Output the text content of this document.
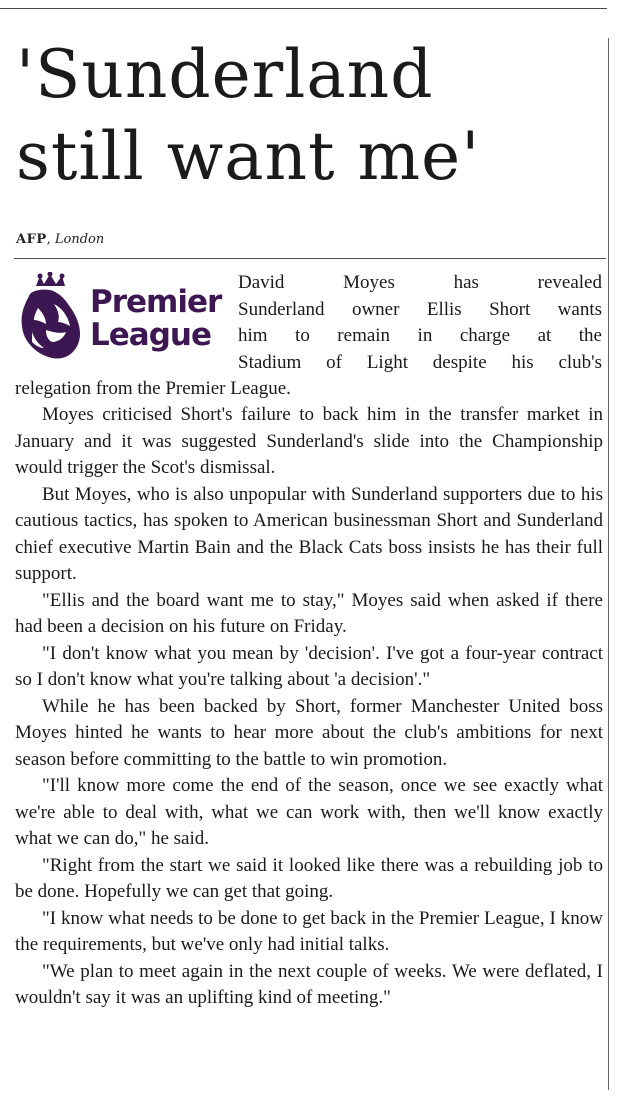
'Sunderland
still want me'
AFP, London
Premier
League
David Moyes has revealed
Sunderland owner Ellis Short wants
him to remain in charge at the
Stadium of Light despite his club's

relegation from the Premier League.

Moyes criticised Short's failure to back him in the transfer market in January and it was suggested Sunderland's slide into the Championship would trigger the Scot's dismissal.

But Moyes, who is also unpopular with Sunderland supporters due to his cautious tactics, has spoken to American businessman Short and Sunderland chief executive Martin Bain and the Black Cats boss insists he has their full support.

"Ellis and the board want me to stay," Moyes said when asked if there had been a decision on his future on Friday.

"I don't know what you mean by 'decision'. I've got a four-year contract so I don't know what you're talking about 'a decision'."

While he has been backed by Short, former Manchester United boss Moyes hinted he wants to hear more about the club's ambitions for next season before committing to the battle to win promotion.

"I'll know more come the end of the season, once we see exactly what we're able to deal with, what we can work with, then we'll know exactly what we can do," he said.

"Right from the start we said it looked like there was a rebuilding job to be done. Hopefully we can get that going.

"I know what needs to be done to get back in the Premier League, I know the requirements, but we've only had initial talks.

"We plan to meet again in the next couple of weeks. We were deflated, I wouldn't say it was an uplifting kind of meeting."
